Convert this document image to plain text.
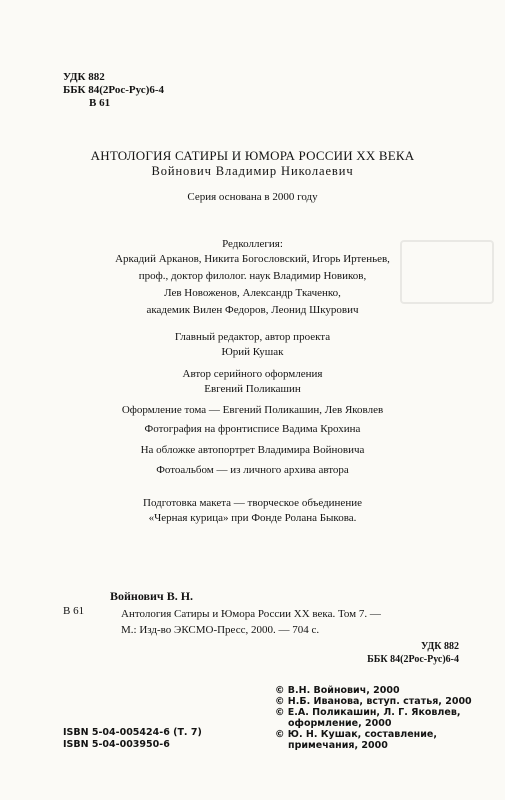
УДК 882
ББК 84(2Рос-Рус)6-4
В 61
АНТОЛОГИЯ САТИРЫ И ЮМОРА РОССИИ XX ВЕКА
Войнович Владимир Николаевич
Серия основана в 2000 году
Редколлегия:
Аркадий Арканов, Никита Богословский, Игорь Иртеньев,
проф., доктор филолог. наук Владимир Новиков,
Лев Новоженов, Александр Ткаченко,
академик Вилен Федоров, Леонид Шкурович
Главный редактор, автор проекта
Юрий Кушак
Автор серийного оформления
Евгений Поликашин
Оформление тома — Евгений Поликашин, Лев Яковлев
Фотография на фронтисписе Вадима Крохина
На обложке автопортрет Владимира Войновича
Фотоальбом — из личного архива автора
Подготовка макета — творческое объединение
«Черная курица» при Фонде Ролана Быкова.
Войнович В. Н.
В 61	Антология Сатиры и Юмора России XX века. Том 7. —
М.: Изд-во ЭКСМО-Пресс, 2000. — 704 с.
УДК 882
ББК 84(2Рос-Рус)6-4
© В.Н. Войнович, 2000
© Н.Б. Иванова, вступ. статья, 2000
© Е.А. Поликашин, Л. Г. Яковлев,
оформление, 2000
© Ю. Н. Кушак, составление,
примечания, 2000
ISBN 5-04-005424-6 (Т. 7)
ISBN 5-04-003950-6
